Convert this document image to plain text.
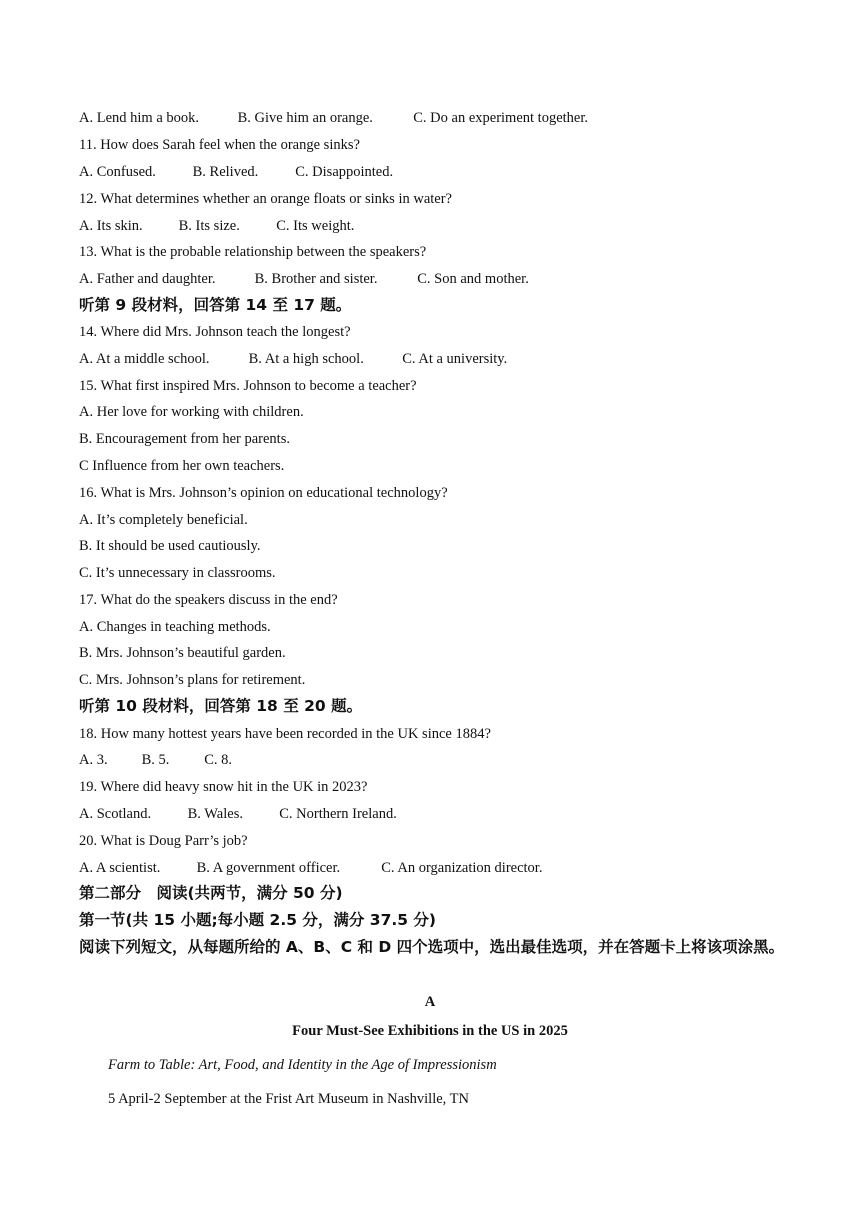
A. Lend him a book.	B. Give him an orange.	C. Do an experiment together.
11. How does Sarah feel when the orange sinks?
A. Confused.	B. Relived.	C. Disappointed.
12. What determines whether an orange floats or sinks in water?
A. Its skin. B. Its size.	C. Its weight.
13. What is the probable relationship between the speakers?
A. Father and daughter.	B. Brother and sister.	C. Son and mother.
听第 9 段材料，回答第 14 至 17 题。
14. Where did Mrs. Johnson teach the longest?
A. At a middle school.	B. At a high school.	C. At a university.
15. What first inspired Mrs. Johnson to become a teacher?
A. Her love for working with children.
B. Encouragement from her parents.
C Influence from her own teachers.
16. What is Mrs. Johnson’s opinion on educational technology?
A. It’s completely beneficial.
B. It should be used cautiously.
C. It’s unnecessary in classrooms.
17. What do the speakers discuss in the end?
A. Changes in teaching methods.
B. Mrs. Johnson’s beautiful garden.
C. Mrs. Johnson’s plans for retirement.
听第 10 段材料，回答第 18 至 20 题。
18. How many hottest years have been recorded in the UK since 1884?
A. 3. B. 5. C. 8.
19. Where did heavy snow hit in the UK in 2023?
A. Scotland.	B. Wales.	C. Northern Ireland.
20. What is Doug Parr’s job?
A. A scientist.	B. A government officer.	C. An organization director.
第二部分　阅读(共两节，满分 50 分)
第一节(共 15 小题;每小题 2.5 分，满分 37.5 分)
阅读下列短文，从每题所给的 A、B、C 和 D 四个选项中，选出最佳选项，并在答题卡上将该项涂黑。
A
Four Must-See Exhibitions in the US in 2025
Farm to Table: Art, Food, and Identity in the Age of Impressionism
5 April-2 September at the Frist Art Museum in Nashville, TN
